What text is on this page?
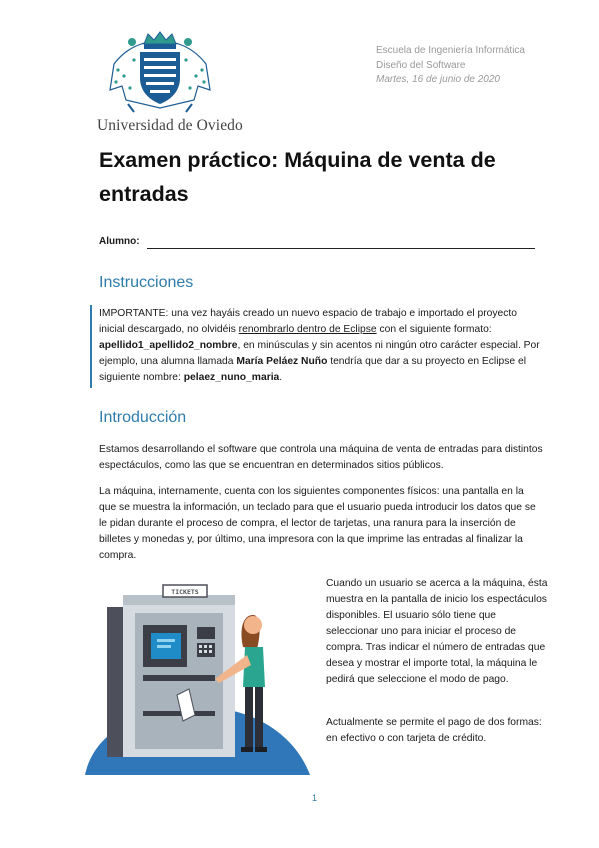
Universidad de Oviedo
Escuela de Ingeniería Informática
Diseño del Software
Martes, 16 de junio de 2020
Examen práctico: Máquina de venta de entradas
Alumno:
Instrucciones
IMPORTANTE: una vez hayáis creado un nuevo espacio de trabajo e importado el proyecto inicial descargado, no olvidéis renombrarlo dentro de Eclipse con el siguiente formato: apellido1_apellido2_nombre, en minúsculas y sin acentos ni ningún otro carácter especial. Por ejemplo, una alumna llamada María Peláez Nuño tendría que dar a su proyecto en Eclipse el siguiente nombre: pelaez_nuno_maria.
Introducción
Estamos desarrollando el software que controla una máquina de venta de entradas para distintos espectáculos, como las que se encuentran en determinados sitios públicos.
La máquina, internamente, cuenta con los siguientes componentes físicos: una pantalla en la que se muestra la información, un teclado para que el usuario pueda introducir los datos que se le pidan durante el proceso de compra, el lector de tarjetas, una ranura para la inserción de billetes y monedas y, por último, una impresora con la que imprime las entradas al finalizar la compra.
TICKETS
Cuando un usuario se acerca a la máquina, ésta muestra en la pantalla de inicio los espectáculos disponibles. El usuario sólo tiene que seleccionar uno para iniciar el proceso de compra. Tras indicar el número de entradas que desea y mostrar el importe total, la máquina le pedirá que seleccione el modo de pago.
Actualmente se permite el pago de dos formas: en efectivo o con tarjeta de crédito.
1
